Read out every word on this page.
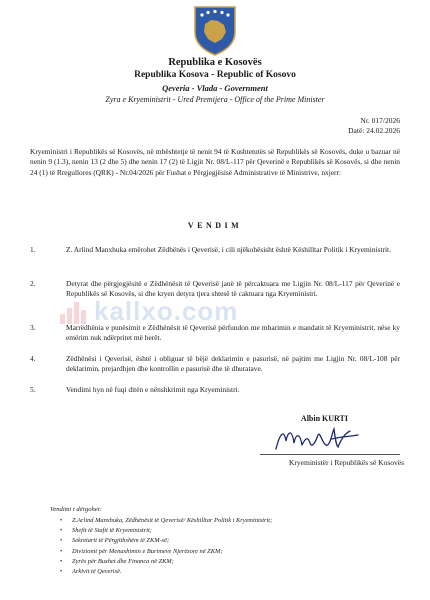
Republika e Kosovës
Republika Kosova - Republic of Kosovo
Qeveria - Vlada - Government
Zyra e Kryeministrit - Ured Premijera - Office of the Prime Minister
Nr. 017/2026
Datë: 24.02.2026
Kryeministri i Republikës së Kosovës, në mbështetje të nenit 94 të Kushtetutës së Republikës së Kosovës, duke u bazuar në nenin 9 (1.3), nenin 13 (2 dhe 5) dhe nenin 17 (2) të Ligjit Nr. 08/L-117 për Qeverinë e Republikës së Kosovës, si dhe nenin 24 (1) të Rregullores (QRK) - Nr.04/2026 për Fushat e Përgjegjësisë Administrative të Ministrive, nxjerr:
VENDIM
1.	Z. Arlind Manxhuka emërohet Zëdhënës i Qeverisë, i cili njëkohësisht është Këshilltar Politik i Kryeministrit.
2.	Detyrat dhe përgjegjësitë e Zëdhënësit të Qeverisë janë të përcaktuara me Ligjin Nr. 08/L-117 për Qeverinë e Republikës së Kosovës, si dhe kryen detyra tjera shtesë të caktuara nga Kryeministri.
3.	Marrëdhënia e punësimit e Zëdhënësit të Qeverisë përfundon me mbarimin e mandatit të Kryeministrit, nëse ky emërim nuk ndërpritet më herët.
4.	Zëdhënësi i Qeverisë, është i obliguar të bëjë deklarimin e pasurisë, në pajtim me Ligjin Nr. 08/L-108 për deklarimin, prejardhjen dhe kontrollin e pasurisë dhe të dhuratave.
5.	Vendimi hyn në fuqi ditën e nënshkrimit nga Kryeministri.
kallxo.com
Albin KURTI
Kryeministër i Republikës së Kosovës
Vendimi i dërgohet:
• Z.Arlind Manxhuka, Zëdhënësit të Qeverisë/ Këshilltar Politik i Kryeministrit;
• Shefit të Stafit të Kryeministrit;
• Sekretarit të Përgjithshëm të ZKM-së;
• Divizionit për Menaxhimin e Burimeve Njerëzore në ZKM;
• Zyrës për Buxhet dhe Financa në ZKM;
• Arkivit të Qeverisë.
